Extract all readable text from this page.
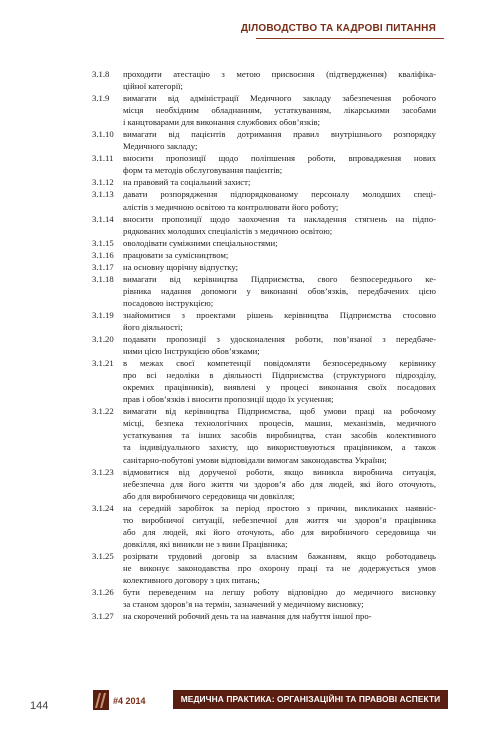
ДІЛОВОДСТВО ТА КАДРОВІ ПИТАННЯ
3.1.8	проходити атестацію з метою присвоєння (підтвердження) кваліфіка-
ційної категорії;
3.1.9	вимагати від адміністрації Медичного закладу забезпечення робочого
місця необхідним обладнанням, устаткуванням, лікарськими засобами
і канцтоварами для виконання службових обов’язків;
3.1.10	вимагати від пацієнтів дотримання правил внутрішнього розпорядку
Медичного закладу;
3.1.11	вносити пропозиції щодо поліпшення роботи, впровадження нових
форм та методів обслуговування пацієнтів;
3.1.12	на правовий та соціальний захист;
3.1.13	давати розпорядження підпорядкованому персоналу молодших спеці-
алістів з медичною освітою та контролювати його роботу;
3.1.14	вносити пропозиції щодо заохочення та накладення стягнень на підпо-
рядкованих молодших спеціалістів з медичною освітою;
3.1.15	оволодівати суміжними спеціальностями;
3.1.16	працювати за сумісництвом;
3.1.17	на основну щорічну відпустку;
3.1.18	вимагати від керівництва Підприємства, свого безпосереднього ке-
рівника надання допомоги у виконанні обов’язків, передбачених цією
посадовою інструкцією;
3.1.19	знайомитися з проектами рішень керівництва Підприємства стосовно
його діяльності;
3.1.20	подавати пропозиції з удосконалення роботи, пов’язаної з передбаче-
ними цією Інструкцією обов’язками;
3.1.21	в межах своєї компетенції повідомляти безпосередньому керівнику
про всі недоліки в діяльності Підприємства (структурного підрозділу,
окремих працівників), виявлені у процесі виконання своїх посадових
прав і обов’язків і вносити пропозиції щодо їх усунення;
3.1.22	вимагати від керівництва Підприємства, щоб умови праці на робочому
місці, безпека технологічних процесів, машин, механізмів, медичного
устаткування та інших засобів виробництва, стан засобів колективного
та індивідуального захисту, що використовуються працівником, а також
санітарно-побутові умови відповідали вимогам законодавства України;
3.1.23	відмовитися від дорученої роботи, якщо виникла виробнича ситуація,
небезпечна для його життя чи здоров’я або для людей, які його оточують,
або для виробничого середовища чи довкілля;
3.1.24	на середній заробіток за період простою з причин, викликаних наявніс-
тю виробничої ситуації, небезпечної для життя чи здоров’я працівника
або для людей, які його оточують, або для виробничого середовища чи
довкілля, які виникли не з вини Працівника;
3.1.25	розірвати трудовий договір за власним бажанням, якщо роботодавець
не виконує законодавства про охорону праці та не додержується умов
колективного договору з цих питань;
3.1.26	бути переведеним на легшу роботу відповідно до медичного висновку
за станом здоров’я на термін, зазначений у медичному висновку;
3.1.27	на скорочений робочий день та на навчання для набуття іншої про-
144	#4 2014	МЕДИЧНА ПРАКТИКА: ОРГАНІЗАЦІЙНІ ТА ПРАВОВІ АСПЕКТИ
